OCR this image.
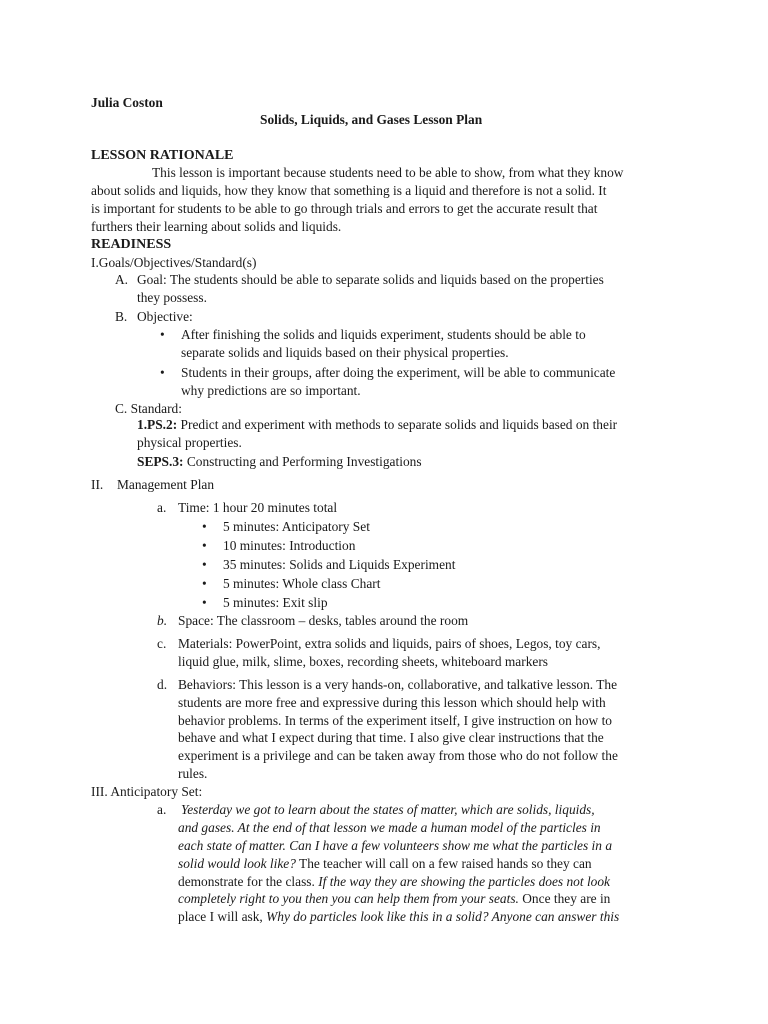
Julia Coston
Solids, Liquids, and Gases Lesson Plan
LESSON RATIONALE
This lesson is important because students need to be able to show, from what they know
about solids and liquids, how they know that something is a liquid and therefore is not a solid. It
is important for students to be able to go through trials and errors to get the accurate result that
furthers their learning about solids and liquids.
READINESS
I.Goals/Objectives/Standard(s)
A. Goal: The students should be able to separate solids and liquids based on the properties
they possess.
B. Objective:
• After finishing the solids and liquids experiment, students should be able to
separate solids and liquids based on their physical properties.
• Students in their groups, after doing the experiment, will be able to communicate
why predictions are so important.
C. Standard:
1.PS.2: Predict and experiment with methods to separate solids and liquids based on their
physical properties.
SEPS.3: Constructing and Performing Investigations
II. Management Plan
a. Time: 1 hour 20 minutes total
• 5 minutes: Anticipatory Set
• 10 minutes: Introduction
• 35 minutes: Solids and Liquids Experiment
• 5 minutes: Whole class Chart
• 5 minutes: Exit slip
b. Space: The classroom – desks, tables around the room
c. Materials: PowerPoint, extra solids and liquids, pairs of shoes, Legos, toy cars,
liquid glue, milk, slime, boxes, recording sheets, whiteboard markers
d. Behaviors: This lesson is a very hands-on, collaborative, and talkative lesson. The
students are more free and expressive during this lesson which should help with
behavior problems. In terms of the experiment itself, I give instruction on how to
behave and what I expect during that time. I also give clear instructions that the
experiment is a privilege and can be taken away from those who do not follow the
rules.
III. Anticipatory Set:
a. Yesterday we got to learn about the states of matter, which are solids, liquids,
and gases. At the end of that lesson we made a human model of the particles in
each state of matter. Can I have a few volunteers show me what the particles in a
solid would look like? The teacher will call on a few raised hands so they can
demonstrate for the class. If the way they are showing the particles does not look
completely right to you then you can help them from your seats. Once they are in
place I will ask, Why do particles look like this in a solid? Anyone can answer this
